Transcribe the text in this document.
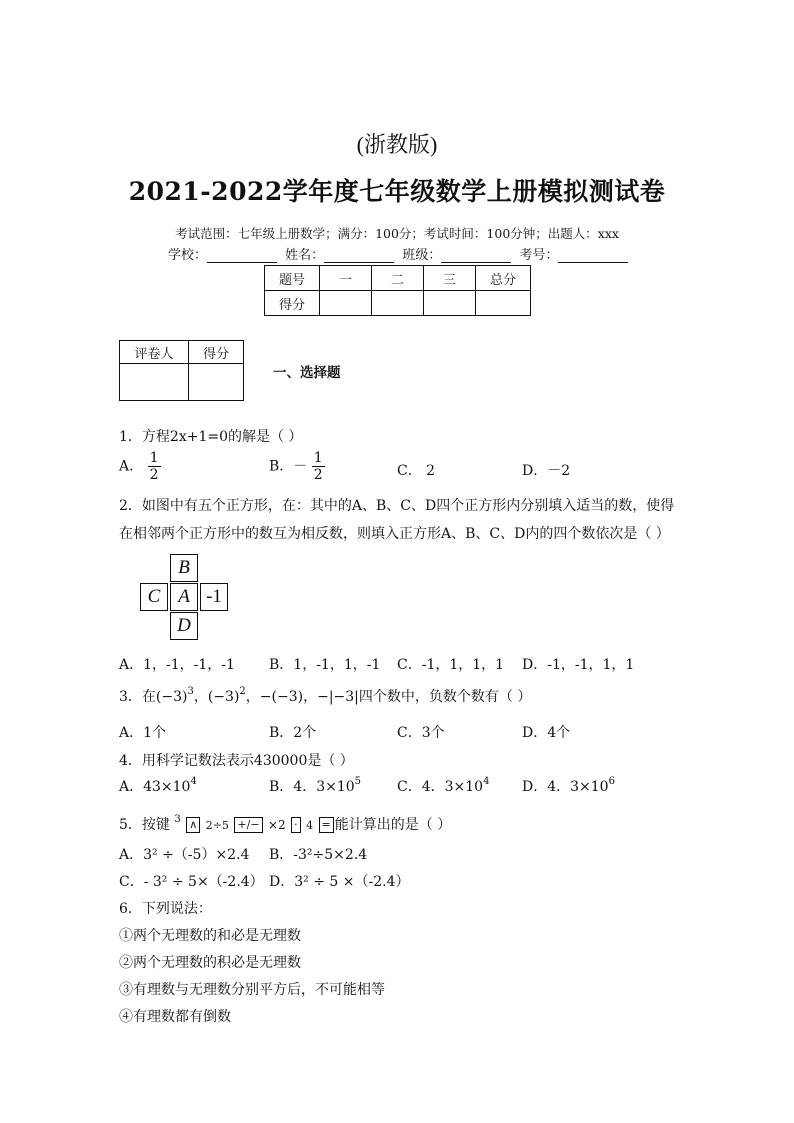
(浙教版)
2021-2022学年度七年级数学上册模拟测试卷
考试范围：七年级上册数学；满分：100分；考试时间：100分钟；出题人：xxx
学校：	姓名：	班级：	考号：
题号	一	二	三	总分
得分				
评卷人	得分

一、选择题
1．方程2x+1=0的解是（ ）
A． $\frac{1}{2}$	B．－ $\frac{1}{2}$	C． 2	D．－2
2．如图中有五个正方形，在：其中的A、B、C、D四个正方形内分别填入适当的数，使得
在相邻两个正方形中的数互为相反数，则填入正方形A、B、C、D内的四个数依次是（ ）
B
C A -1
D
A．1，-1，-1，-1 B．1，-1，1，-1 C．-1，1，1，1 D．-1，-1，1，1
3．在$(-3)^3$，$(-3)^2$，−(−3)，−|−3|四个数中，负数个数有（ ）
A．1个	B．2个	C．3个	D．4个
4．用科学记数法表示430000是（ ）
A．$43\times 10^4$	B．4．$3\times 10^5$	C．4．$3\times 10^4$ D．4．$3\times 10^6$
5．按键 $^3$ ∧ 2÷5 +/− ×2 · 4 = 能计算出的是（ ）
A．3² ÷（-5）×2.4 B．-3²÷5×2.4
C．- 3² ÷ 5×（-2.4） D．3² ÷ 5 ×（-2.4）
6．下列说法：
①两个无理数的和必是无理数
②两个无理数的积必是无理数
③有理数与无理数分别平方后，不可能相等
④有理数都有倒数
